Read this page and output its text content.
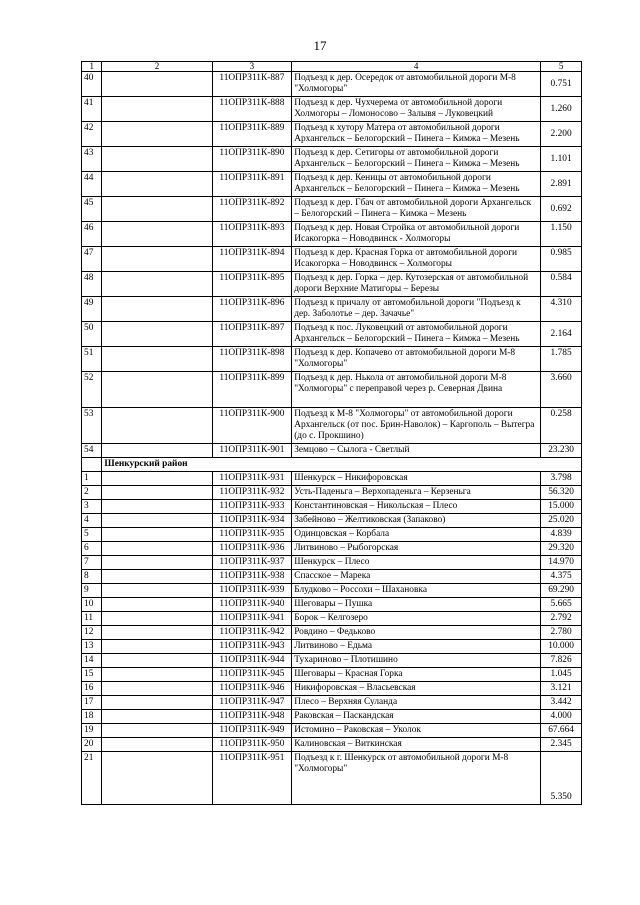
17
1	2	3	4	5
40		11ОПРЗ11К-887	Подъезд к дер. Осередок от автомобильной дороги М-8 "Холмогоры"	0.751
41		11ОПРЗ11К-888	Подъезд к дер. Чухчерема от автомобильной дороги Холмогоры – Ломоносово – Залывя – Луковецкий	1.260
42		11ОПРЗ11К-889	Подъезд к хутору Матера от автомобильной дороги Архангельск – Белогорский – Пинега – Кимжа – Мезень	2.200
43		11ОПРЗ11К-890	Подъезд к дер. Сетигоры от автомобильной дороги Архангельск – Белогорский – Пинега – Кимжа – Мезень	1.101
44		11ОПРЗ11К-891	Подъезд к дер. Кеницы от автомобильной дороги Архангельск – Белогорский – Пинега – Кимжа – Мезень	2.891
45		11ОПРЗ11К-892	Подъезд к дер. Гбач от автомобильной дороги Архангельск – Белогорский – Пинега – Кимжа – Мезень	0.692
46		11ОПРЗ11К-893	Подъезд к дер. Новая Стройка от автомобильной дороги Исакогорка – Новодвинск - Холмогоры	1.150
47		11ОПРЗ11К-894	Подъезд к дер. Красная Горка от автомобильной дороги Исакогорка – Новодвинск – Холмогоры	0.985
48		11ОПРЗ11К-895	Подъезд к дер. Горка – дер. Кутозерская от автомобильной дороги Верхние Матигоры – Березы	0.584
49		11ОПРЗ11К-896	Подъезд к причалу от автомобильной дороги "Подъезд к дер. Заболотье – дер. Зачачье"	4.310
50		11ОПРЗ11К-897	Подъезд к пос. Луковецкий от автомобильной дороги Архангельск – Белогорский – Пинега – Кимжа – Мезень	2.164
51		11ОПРЗ11К-898	Подъезд к дер. Копачево от автомобильной дороги М-8 "Холмогоры"	1.785
52		11ОПРЗ11К-899	Подъезд к дер. Нькола от автомобильной дороги М-8 "Холмогоры" с переправой через р. Северная Двина	3.660
53		11ОПРЗ11К-900	Подъезд к М-8 "Холмогоры" от автомобильной дороги Архангельск (от пос. Брин-Наволок) – Каргополь – Вытегра (до с. Прокшино)	0.258
54		11ОПРЗ11К-901	Земцово – Сылога - Светлый	23.230
	Шенкурский район			
1		11ОПРЗ11К-931	Шенкурск – Никифоровская	3.798
2		11ОПРЗ11К-932	Усть-Паденьга – Верхопаденьга – Керзеньга	56.320
3		11ОПРЗ11К-933	Константиновская – Никольская – Плесо	15.000
4		11ОПРЗ11К-934	Забейново – Желтиковская (Запаково)	25.020
5		11ОПРЗ11К-935	Одинцовская – Корбала	4.839
6		11ОПРЗ11К-936	Литвиново – Рыбогорская	29.320
7		11ОПРЗ11К-937	Шенкурск – Плесо	14.970
8		11ОПРЗ11К-938	Спасское – Марека	4.375
9		11ОПРЗ11К-939	Блудково – Россохи – Шахановка	69.290
10		11ОПРЗ11К-940	Шеговары – Пушка	5.665
11		11ОПРЗ11К-941	Борок – Келгозеро	2.792
12		11ОПРЗ11К-942	Ровдино – Федьково	2.780
13		11ОПРЗ11К-943	Литвиново – Едьма	10.000
14		11ОПРЗ11К-944	Тухариново – Плотишино	7.826
15		11ОПРЗ11К-945	Шеговары – Красная Горка	1.045
16		11ОПРЗ11К-946	Никифоровская – Власьевская	3.121
17		11ОПРЗ11К-947	Плесо – Верхняя Суланда	3.442
18		11ОПРЗ11К-948	Раковская – Паскандская	4.000
19		11ОПРЗ11К-949	Истомино – Раковская – Уколок	67.664
20		11ОПРЗ11К-950	Калиновская – Виткинская	2.345
21		11ОПРЗ11К-951	Подъезд к г. Шенкурск от автомобильной дороги М-8 "Холмогоры"	5.350
